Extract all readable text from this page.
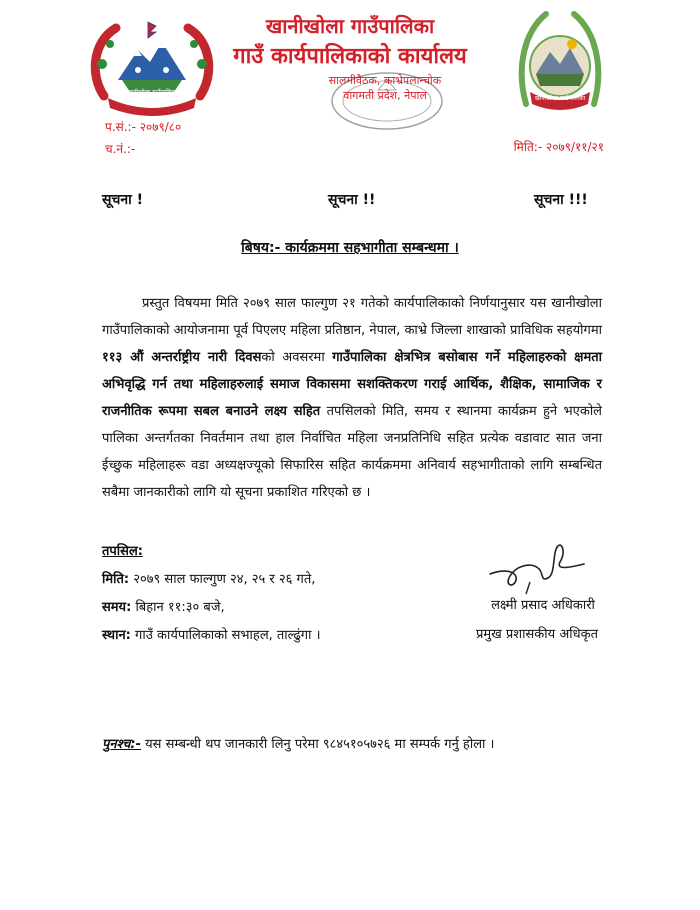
खानीखोला गाउँपालिका
खानीखोला गाउँपालिका
खानीखोला गाउँपालिका
गाउँ कार्यपालिकाको कार्यालय
सालमीवैठक, काभ्रेपलान्चोक
वागमती प्रदेश, नेपाल
प.सं.:- २०७९/८०
च.नं.:-	मिति:- २०७९/११/२१
सूचना !	सूचना !!	सूचना !!!
बिषय:- कार्यक्रममा सहभागीता सम्बन्धमा ।

प्रस्तुत विषयमा मिति २०७९ साल फाल्गुण २१ गतेको कार्यपालिकाको निर्णयानुसार यस खानीखोला गाउँपालिकाको आयोजनामा पूर्व पिएलए महिला प्रतिष्ठान, नेपाल, काभ्रे जिल्ला शाखाको प्राविधिक सहयोगमा ११३ औं अन्तर्राष्ट्रीय नारी दिवसको अवसरमा गाउँपालिका क्षेत्रभित्र बसोबास गर्ने महिलाहरुको क्षमता अभिवृद्धि गर्न तथा महिलाहरुलाई समाज विकासमा सशक्तिकरण गराई आर्थिक, शैक्षिक, सामाजिक र राजनीतिक रूपमा सबल बनाउने लक्ष्य सहित तपसिलको मिति, समय र स्थानमा कार्यक्रम हुने भएकोले पालिका अन्तर्गतका निवर्तमान तथा हाल निर्वाचित महिला जनप्रतिनिधि सहित प्रत्येक वडावाट सात जना ईच्छुक महिलाहरू वडा अध्यक्षज्यूको सिफारिस सहित कार्यक्रममा अनिवार्य सहभागीताको लागि सम्बन्धित सबैमा जानकारीको लागि यो सूचना प्रकाशित गरिएको छ ।

तपसिल:
मिति: २०७९ साल फाल्गुण २४, २५ र २६ गते,
समय: बिहान ११:३० बजे,
स्थान: गाउँ कार्यपालिकाको सभाहल, ताल्ढुंगा ।
लक्ष्मी प्रसाद अधिकारी
प्रमुख प्रशासकीय अधिकृत
पुनश्च:- यस सम्बन्धी थप जानकारी लिनु परेमा ९८४५१०५७२६ मा सम्पर्क गर्नु होला ।
